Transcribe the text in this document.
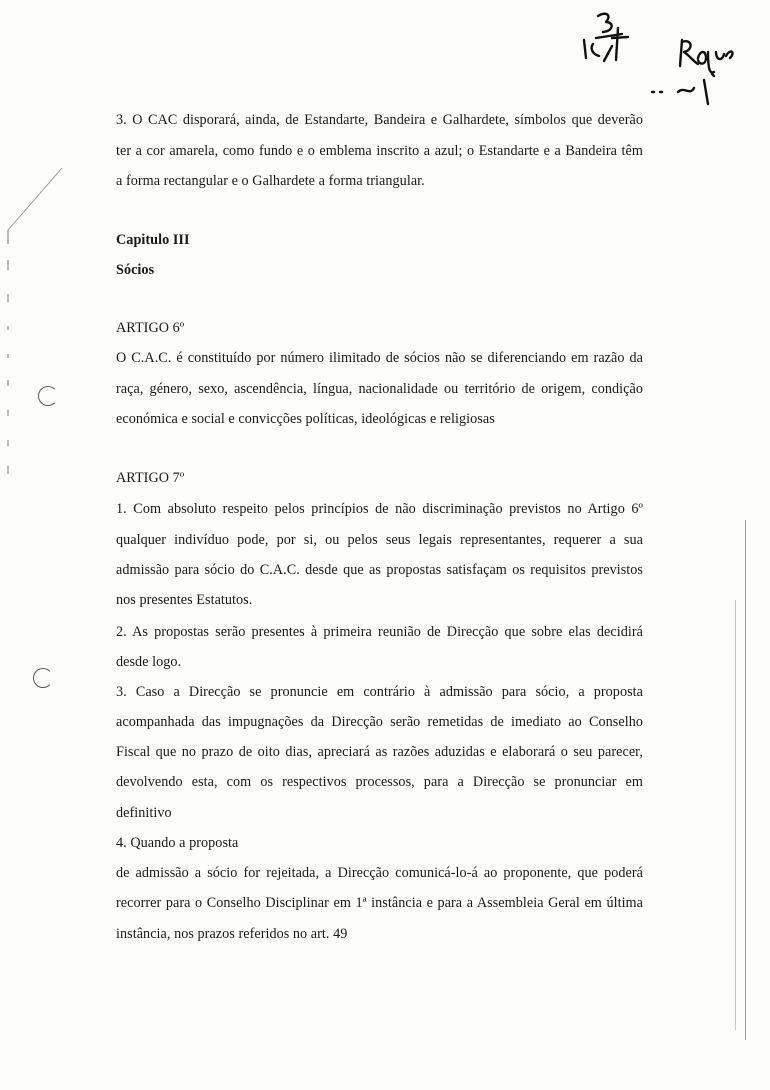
3. O CAC disporará, ainda, de Estandarte, Bandeira e Galhardete, símbolos que deverão
ter a cor amarela, como fundo e o emblema inscrito a azul; o Estandarte e a Bandeira têm
a forma rectangular e o Galhardete a forma triangular.
Capitulo III
Sócios
ARTIGO 6º
O C.A.C. é constituído por número ilimitado de sócios não se diferenciando em razão da
raça, género, sexo, ascendência, língua, nacionalidade ou território de origem, condição
económica e social e convicções políticas, ideológicas e religiosas
ARTIGO 7º
1. Com absoluto respeito pelos princípios de não discriminação previstos no Artigo 6º
qualquer indivíduo pode, por si, ou pelos seus legais representantes, requerer a sua
admissão para sócio do C.A.C. desde que as propostas satisfaçam os requisitos previstos
nos presentes Estatutos.
2. As propostas serão presentes à primeira reunião de Direcção que sobre elas decidirá
desde logo.
3. Caso a Direcção se pronuncie em contrário à admissão para sócio, a proposta
acompanhada das impugnações da Direcção serão remetidas de imediato ao Conselho
Fiscal que no prazo de oito dias, apreciará as razões aduzidas e elaborará o seu parecer,
devolvendo esta, com os respectivos processos, para a Direcção se pronunciar em
definitivo
4. Quando a proposta
de admissão a sócio for rejeitada, a Direcção comunicá-lo-á ao proponente, que poderá
recorrer para o Conselho Disciplinar em 1ª instância e para a Assembleia Geral em última
instância, nos prazos referidos no art. 49
